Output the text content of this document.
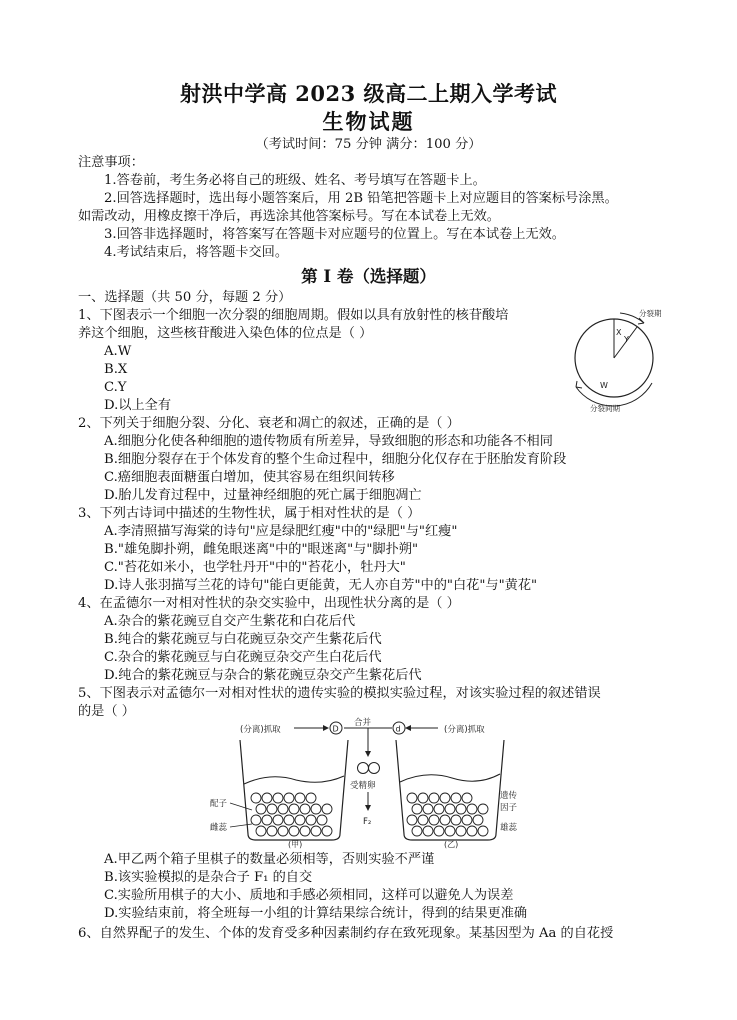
射洪中学高 2023 级高二上期入学考试
生物试题
（考试时间：75 分钟 满分：100 分）
注意事项：
1.答卷前，考生务必将自己的班级、姓名、考号填写在答题卡上。
2.回答选择题时，选出每小题答案后，用 2B 铅笔把答题卡上对应题目的答案标号涂黑。
如需改动，用橡皮擦干净后，再选涂其他答案标号。写在本试卷上无效。
3.回答非选择题时，将答案写在答题卡对应题号的位置上。写在本试卷上无效。
4.考试结束后，将答题卡交回。
第 I 卷（选择题）
一、选择题（共 50 分，每题 2 分）
1、下图表示一个细胞一次分裂的细胞周期。假如以具有放射性的核苷酸培
养这个细胞，这些核苷酸进入染色体的位点是（ ）
A.W
B.X
C.Y
D.以上全有
分裂期
X
Y
W
分裂间期
2、下列关于细胞分裂、分化、衰老和凋亡的叙述，正确的是（ ）
A.细胞分化使各种细胞的遗传物质有所差异，导致细胞的形态和功能各不相同
B.细胞分裂存在于个体发育的整个生命过程中，细胞分化仅存在于胚胎发育阶段
C.癌细胞表面糖蛋白增加，使其容易在组织间转移
D.胎儿发育过程中，过量神经细胞的死亡属于细胞凋亡
3、下列古诗词中描述的生物性状，属于相对性状的是（ ）
A.李清照描写海棠的诗句"应是绿肥红瘦"中的"绿肥"与"红瘦"
B."雄兔脚扑朔，雌兔眼迷离"中的"眼迷离"与"脚扑朔"
C."苔花如米小，也学牡丹开"中的"苔花小，牡丹大"
D.诗人张羽描写兰花的诗句"能白更能黄，无人亦自芳"中的"白花"与"黄花"
4、在孟德尔一对相对性状的杂交实验中，出现性状分离的是（ ）
A.杂合的紫花豌豆自交产生紫花和白花后代
B.纯合的紫花豌豆与白花豌豆杂交产生紫花后代
C.杂合的紫花豌豆与白花豌豆杂交产生白花后代
D.纯合的紫花豌豆与杂合的紫花豌豆杂交产生紫花后代
5、下图表示对孟德尔一对相对性状的遗传实验的模拟实验过程，对该实验过程的叙述错误
的是（ ）
(分离)抓取	D	(分离)抓取
d
合并
受精卵
F₂
配子
雌蕊
遗传
因子
雄蕊
(甲)	(乙)
A.甲乙两个箱子里棋子的数量必须相等，否则实验不严谨
B.该实验模拟的是杂合子 F₁ 的自交
C.实验所用棋子的大小、质地和手感必须相同，这样可以避免人为误差
D.实验结束前，将全班每一小组的计算结果综合统计，得到的结果更准确
6、自然界配子的发生、个体的发育受多种因素制约存在致死现象。某基因型为 Aa 的自花授
